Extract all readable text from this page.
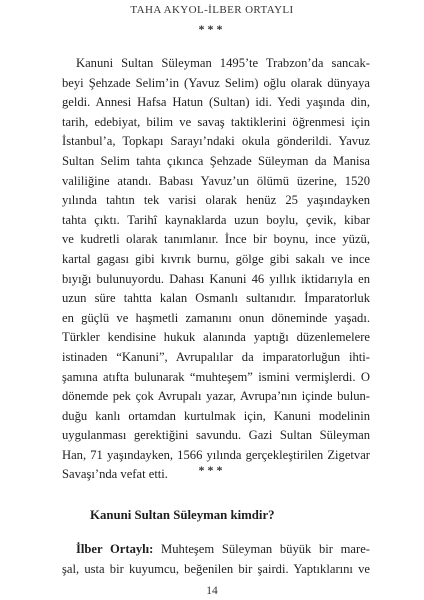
TAHA AKYOL-İLBER ORTAYLI
***
Kanuni Sultan Süleyman 1495’te Trabzon’da sancak-
beyi Şehzade Selim’in (Yavuz Selim) oğlu olarak dünyaya
geldi. Annesi Hafsa Hatun (Sultan) idi. Yedi yaşında din,
tarih, edebiyat, bilim ve savaş taktiklerini öğrenmesi için
İstanbul’a, Topkapı Sarayı’ndaki okula gönderildi. Yavuz
Sultan Selim tahta çıkınca Şehzade Süleyman da Manisa
valiliğine atandı. Babası Yavuz’un ölümü üzerine, 1520
yılında tahtın tek varisi olarak henüz 25 yaşındayken
tahta çıktı. Tarihî kaynaklarda uzun boylu, çevik, kibar
ve kudretli olarak tanımlanır. İnce bir boynu, ince yüzü,
kartal gagası gibi kıvrık burnu, gölge gibi sakalı ve ince
bıyığı bulunuyordu. Dahası Kanuni 46 yıllık iktidarıyla en
uzun süre tahtta kalan Osmanlı sultanıdır. İmparatorluk
en güçlü ve haşmetli zamanını onun döneminde yaşadı.
Türkler kendisine hukuk alanında yaptığı düzenlemelere
istinaden “Kanuni”, Avrupalılar da imparatorluğun ihti-
şamına atıfta bulunarak “muhteşem” ismini vermişlerdi. O
dönemde pek çok Avrupalı yazar, Avrupa’nın içinde bulun-
duğu kanlı ortamdan kurtulmak için, Kanuni modelinin
uygulanması gerektiğini savundu. Gazi Sultan Süleyman
Han, 71 yaşındayken, 1566 yılında gerçekleştirilen Zigetvar
Savaşı’nda vefat etti.	***
Kanuni Sultan Süleyman kimdir?
İlber Ortaylı: Muhteşem Süleyman büyük bir mare-
şal, usta bir kuyumcu, beğenilen bir şairdi. Yaptıklarını ve
14
